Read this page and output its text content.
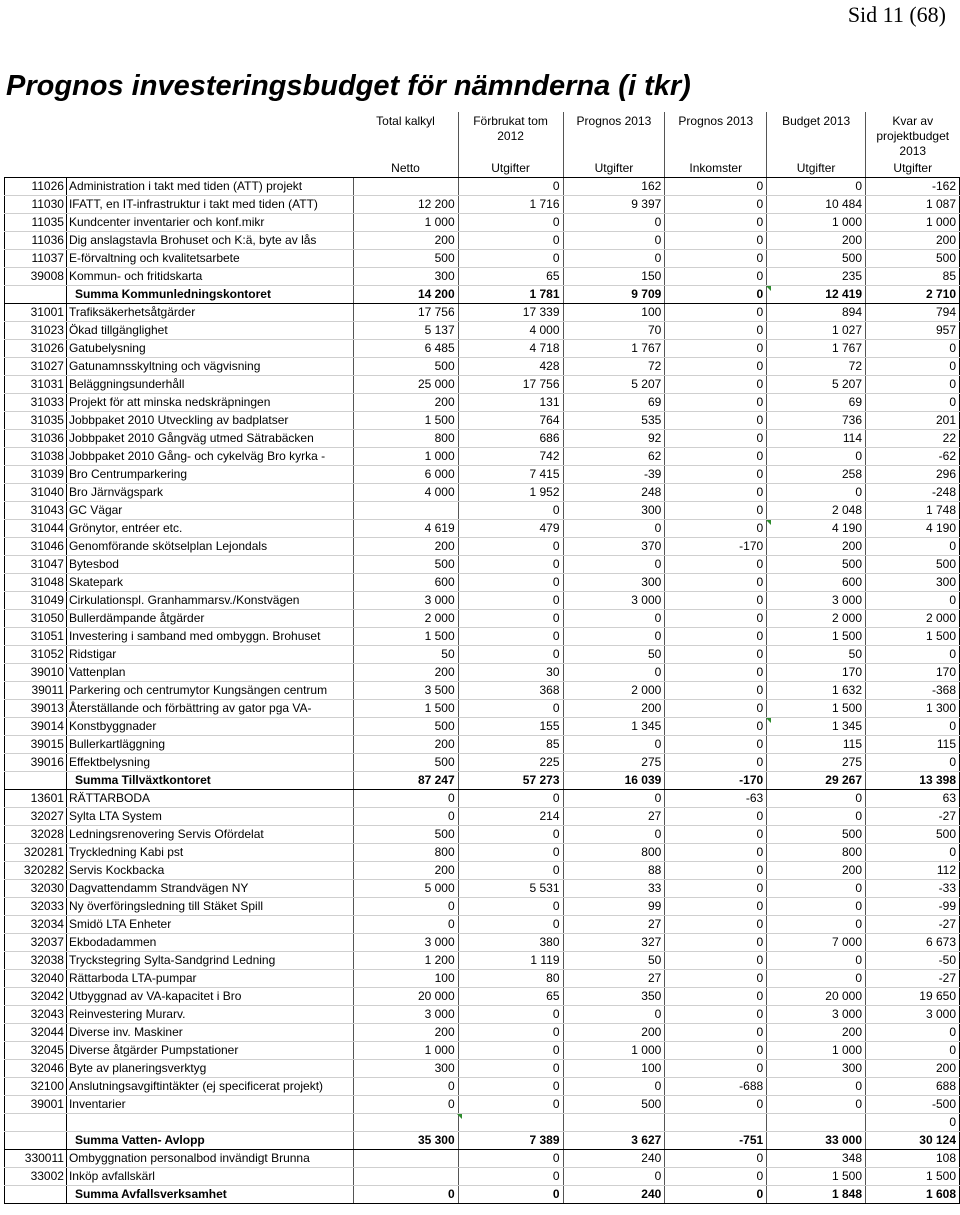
Sid 11 (68)
Prognos investeringsbudget för nämnderna (i tkr)
		Total kalkyl	Förbrukat tom 2012	Prognos 2013	Prognos 2013	Budget 2013	Kvar av projektbudget 2013
		Netto	Utgifter	Utgifter	Inkomster	Utgifter	Utgifter
11026	Administration i takt med tiden (ATT) projekt		0	162	0	0	-162
11030	IFATT, en IT-infrastruktur i takt med tiden (ATT)	12 200	1 716	9 397	0	10 484	1 087
11035	Kundcenter inventarier och konf.mikr	1 000	0	0	0	1 000	1 000
11036	Dig anslagstavla Brohuset och K:ä, byte av lås	200	0	0	0	200	200
11037	E-förvaltning och kvalitetsarbete	500	0	0	0	500	500
39008	Kommun- och fritidskarta	300	65	150	0	235	85
	Summa Kommunledningskontoret	14 200	1 781	9 709	0	12 419	2 710
31001	Trafiksäkerhetsåtgärder	17 756	17 339	100	0	894	794
31023	Ökad tillgänglighet	5 137	4 000	70	0	1 027	957
31026	Gatubelysning	6 485	4 718	1 767	0	1 767	0
31027	Gatunamnsskyltning och vägvisning	500	428	72	0	72	0
31031	Beläggningsunderhåll	25 000	17 756	5 207	0	5 207	0
31033	Projekt för att minska nedskräpningen	200	131	69	0	69	0
31035	Jobbpaket 2010 Utveckling av badplatser	1 500	764	535	0	736	201
31036	Jobbpaket 2010 Gångväg utmed Sätrabäcken	800	686	92	0	114	22
31038	Jobbpaket 2010 Gång- och cykelväg Bro kyrka -	1 000	742	62	0	0	-62
31039	Bro Centrumparkering	6 000	7 415	-39	0	258	296
31040	Bro Järnvägspark	4 000	1 952	248	0	0	-248
31043	GC Vägar		0	300	0	2 048	1 748
31044	Grönytor, entréer etc.	4 619	479	0	0	4 190	4 190
31046	Genomförande skötselplan Lejondals	200	0	370	-170	200	0
31047	Bytesbod	500	0	0	0	500	500
31048	Skatepark	600	0	300	0	600	300
31049	Cirkulationspl. Granhammarsv./Konstvägen	3 000	0	3 000	0	3 000	0
31050	Bullerdämpande åtgärder	2 000	0	0	0	2 000	2 000
31051	Investering i samband med ombyggn. Brohuset	1 500	0	0	0	1 500	1 500
31052	Ridstigar	50	0	50	0	50	0
39010	Vattenplan	200	30	0	0	170	170
39011	Parkering och centrumytor Kungsängen centrum	3 500	368	2 000	0	1 632	-368
39013	Återställande och förbättring av gator pga VA-	1 500	0	200	0	1 500	1 300
39014	Konstbyggnader	500	155	1 345	0	1 345	0
39015	Bullerkartläggning	200	85	0	0	115	115
39016	Effektbelysning	500	225	275	0	275	0
	Summa Tillväxtkontoret	87 247	57 273	16 039	-170	29 267	13 398
13601	RÄTTARBODA	0	0	0	-63	0	63
32027	Sylta LTA System	0	214	27	0	0	-27
32028	Ledningsrenovering Servis Ofördelat	500	0	0	0	500	500
320281	Tryckledning Kabi pst	800	0	800	0	800	0
320282	Servis Kockbacka	200	0	88	0	200	112
32030	Dagvattendamm Strandvägen NY	5 000	5 531	33	0	0	-33
32033	Ny överföringsledning till Stäket Spill	0	0	99	0	0	-99
32034	Smidö LTA Enheter	0	0	27	0	0	-27
32037	Ekbodadammen	3 000	380	327	0	7 000	6 673
32038	Tryckstegring Sylta-Sandgrind Ledning	1 200	1 119	50	0	0	-50
32040	Rättarboda LTA-pumpar	100	80	27	0	0	-27
32042	Utbyggnad av VA-kapacitet i Bro	20 000	65	350	0	20 000	19 650
32043	Reinvestering Murarv.	3 000	0	0	0	3 000	3 000
32044	Diverse inv. Maskiner	200	0	200	0	200	0
32045	Diverse åtgärder Pumpstationer	1 000	0	1 000	0	1 000	0
32046	Byte av planeringsverktyg	300	0	100	0	300	200
32100	Anslutningsavgiftintäkter (ej specificerat projekt)	0	0	0	-688	0	688
39001	Inventarier	0	0	500	0	0	-500
							0
	Summa Vatten- Avlopp	35 300	7 389	3 627	-751	33 000	30 124
330011	Ombyggnation personalbod invändigt Brunna		0	240	0	348	108
33002	Inköp avfallskärl		0	0	0	1 500	1 500
	Summa Avfallsverksamhet	0	0	240	0	1 848	1 608
